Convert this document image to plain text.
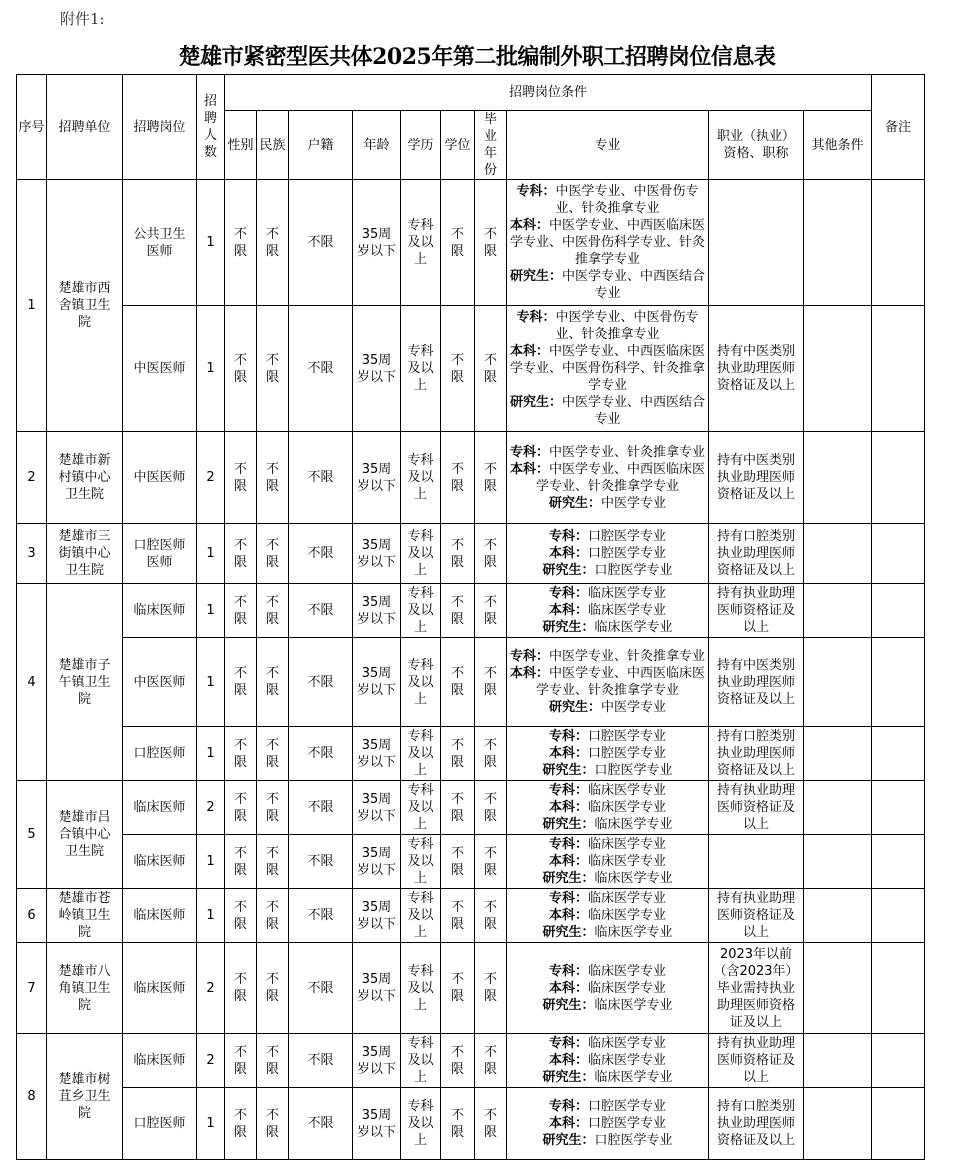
附件1:
楚雄市紧密型医共体2025年第二批编制外职工招聘岗位信息表
序号	招聘单位	招聘岗位	招聘人数	招聘岗位条件										备注
				性别	民族	户籍	年龄	学历	学位	毕业年份	专业	职业（执业）资格、职称	其他条件	
1	楚雄市西舍镇卫生院	公共卫生医师	1	不限	不限	不限	35周岁以下	专科及以上	不限	不限	专科：中医学专业、中医骨伤专业、针灸推拿专业
本科：中医学专业、中西医临床医学专业、中医骨伤科学专业、针灸推拿学专业
研究生：中医学专业、中西医结合专业			

		中医医师	1	不限	不限	不限	35周岁以下	专科及以上	不限	不限	专科：中医学专业、中医骨伤专业、针灸推拿专业
本科：中医学专业、中西医临床医学专业、中医骨伤科学、针灸推拿学专业
研究生：中医学专业、中西医结合专业	持有中医类别执业助理医师资格证及以上		
2	楚雄市新村镇中心卫生院	中医医师	2	不限	不限	不限	35周岁以下	专科及以上	不限	不限	专科：中医学专业、针灸推拿专业
本科：中医学专业、中西医临床医学专业、针灸推拿学专业
研究生：中医学专业	持有中医类别执业助理医师资格证及以上		
3	楚雄市三街镇中心卫生院	口腔医师医师	1	不限	不限	不限	35周岁以下	专科及以上	不限	不限	专科：口腔医学专业
本科：口腔医学专业
研究生：口腔医学专业	持有口腔类别执业助理医师资格证及以上		
4	楚雄市子午镇卫生院	临床医师	1	不限	不限	不限	35周岁以下	专科及以上	不限	不限	专科：临床医学专业
本科：临床医学专业
研究生：临床医学专业	持有执业助理医师资格证及以上		
		中医医师	1	不限	不限	不限	35周岁以下	专科及以上	不限	不限	专科：中医学专业、针灸推拿专业
本科：中医学专业、中西医临床医学专业、针灸推拿学专业
研究生：中医学专业	持有中医类别执业助理医师资格证及以上		
		口腔医师	1	不限	不限	不限	35周岁以下	专科及以上	不限	不限	专科：口腔医学专业
本科：口腔医学专业
研究生：口腔医学专业	持有口腔类别执业助理医师资格证及以上		
5	楚雄市吕合镇中心卫生院	临床医师	2	不限	不限	不限	35周岁以下	专科及以上	不限	不限	专科：临床医学专业
本科：临床医学专业
研究生：临床医学专业	持有执业助理医师资格证及以上		
		临床医师	1	不限	不限	不限	35周岁以下	专科及以上	不限	不限	专科：临床医学专业
本科：临床医学专业
研究生：临床医学专业			

6	楚雄市苍岭镇卫生院	临床医师	1	不限	不限	不限	35周岁以下	专科及以上	不限	不限	专科：临床医学专业
本科：临床医学专业
研究生：临床医学专业	持有执业助理医师资格证及以上		
7	楚雄市八角镇卫生院	临床医师	2	不限	不限	不限	35周岁以下	专科及以上	不限	不限	专科：临床医学专业
本科：临床医学专业
研究生：临床医学专业	2023年以前（含2023年）毕业需持执业助理医师资格证及以上		
8	楚雄市树苴乡卫生院	临床医师	2	不限	不限	不限	35周岁以下	专科及以上	不限	不限	专科：临床医学专业
本科：临床医学专业
研究生：临床医学专业	持有执业助理医师资格证及以上		
		口腔医师	1	不限	不限	不限	35周岁以下	专科及以上	不限	不限	专科：口腔医学专业
本科：口腔医学专业
研究生：口腔医学专业	持有口腔类别执业助理医师资格证及以上		
